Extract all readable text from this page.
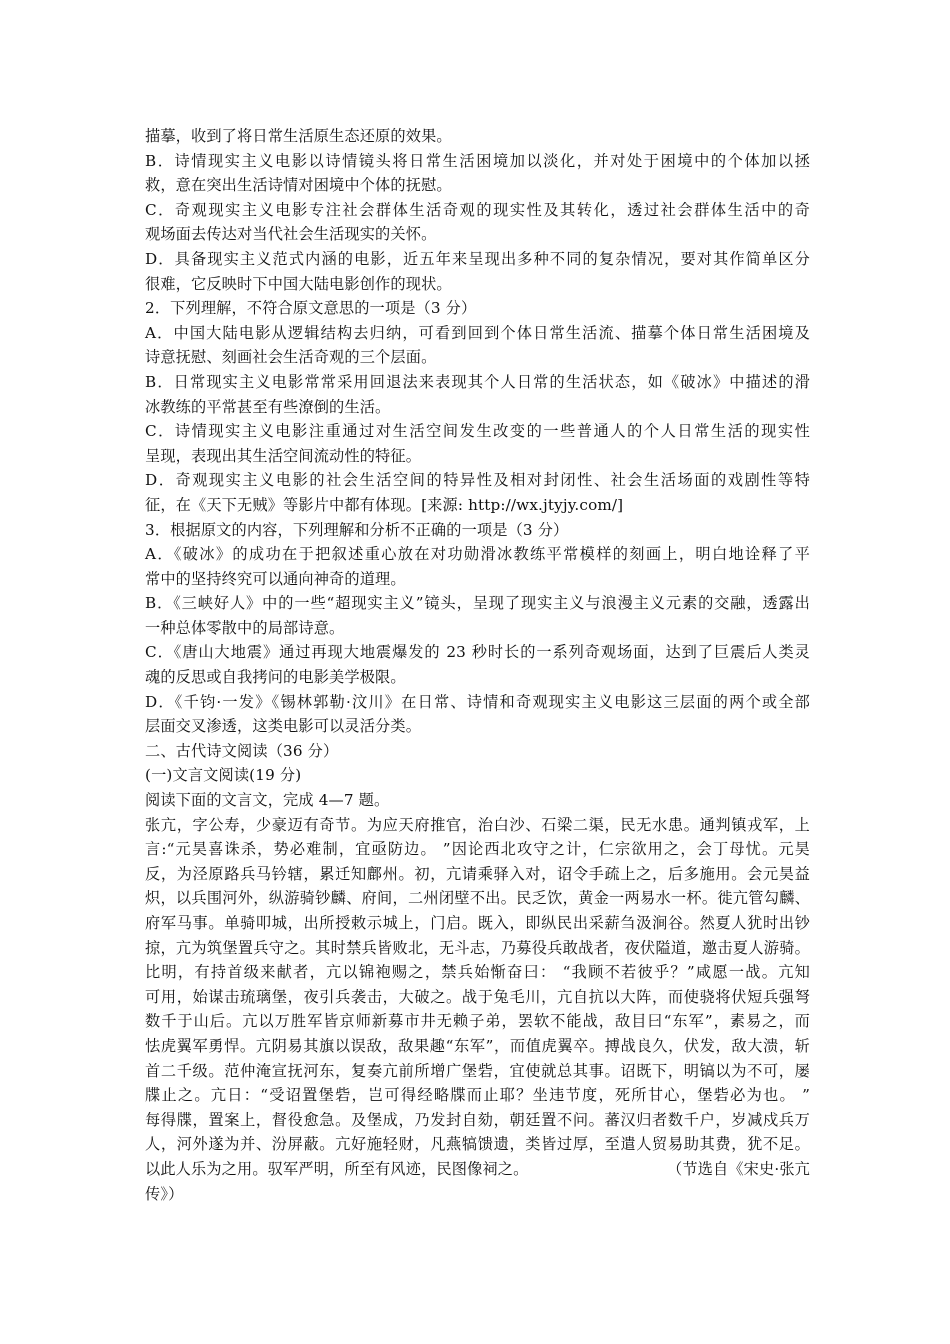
描摹，收到了将日常生活原生态还原的效果。
B．诗情现实主义电影以诗情镜头将日常生活困境加以淡化，并对处于困境中的个体加以拯
救，意在突出生活诗情对困境中个体的抚慰。
C．奇观现实主义电影专注社会群体生活奇观的现实性及其转化，透过社会群体生活中的奇
观场面去传达对当代社会生活现实的关怀。
D．具备现实主义范式内涵的电影，近五年来呈现出多种不同的复杂情况，要对其作简单区分
很难，它反映时下中国大陆电影创作的现状。
2．下列理解，不符合原文意思的一项是（3 分）
A．中国大陆电影从逻辑结构去归纳，可看到回到个体日常生活流、描摹个体日常生活困境及
诗意抚慰、刻画社会生活奇观的三个层面。
B．日常现实主义电影常常采用回退法来表现其个人日常的生活状态，如《破冰》中描述的滑
冰教练的平常甚至有些潦倒的生活。
C．诗情现实主义电影注重通过对生活空间发生改变的一些普通人的个人日常生活的现实性
呈现，表现出其生活空间流动性的特征。
D．奇观现实主义电影的社会生活空间的特异性及相对封闭性、社会生活场面的戏剧性等特
征，在《天下无贼》等影片中都有体现。[来源: http://wx.jtyjy.com/]
3．根据原文的内容，下列理解和分析不正确的一项是（3 分）
A．《破冰》的成功在于把叙述重心放在对功勋滑冰教练平常模样的刻画上，明白地诠释了平
常中的坚持终究可以通向神奇的道理。
B．《三峡好人》中的一些“超现实主义”镜头，呈现了现实主义与浪漫主义元素的交融，透露出
一种总体零散中的局部诗意。
C．《唐山大地震》通过再现大地震爆发的 23 秒时长的一系列奇观场面，达到了巨震后人类灵
魂的反思或自我拷问的电影美学极限。
D．《千钧·一发》《锡林郭勒·汶川》在日常、诗情和奇观现实主义电影这三层面的两个或全部
层面交叉渗透，这类电影可以灵活分类。
二、古代诗文阅读（36 分）
(一)文言文阅读(19 分)
阅读下面的文言文，完成 4—7 题。
张亢，字公寿，少豪迈有奇节。为应天府推官，治白沙、石梁二渠，民无水患。通判镇戎军，上
言:“元昊喜诛杀，势必难制，宜亟防边。 ”因论西北攻守之计，仁宗欲用之，会丁母忧。元昊
反，为泾原路兵马钤辖，累迁知鄜州。初，亢请乘驿入对，诏令手疏上之，后多施用。会元昊益
炽，以兵围河外，纵游骑钞麟、府间，二州闭壁不出。民乏饮，黄金一两易水一杯。徙亢管勾麟、
府军马事。单骑叩城，出所授敕示城上，门启。既入，即纵民出采薪刍汲涧谷。然夏人犹时出钞
掠，亢为筑堡置兵守之。其时禁兵皆败北，无斗志，乃募役兵敢战者，夜伏隘道，邀击夏人游骑。
比明，有持首级来献者，亢以锦袍赐之，禁兵始惭奋曰： “我顾不若彼乎？”咸愿一战。亢知
可用，始谋击琉璃堡，夜引兵袭击，大破之。战于兔毛川，亢自抗以大阵，而使骁将伏短兵强弩
数千于山后。亢以万胜军皆京师新募市井无赖子弟，罢软不能战，敌目曰“东军”，素易之，而
怯虎翼军勇悍。亢阴易其旗以误敌，敌果趣“东军”，而值虎翼卒。搏战良久，伏发，敌大溃，斩
首二千级。范仲淹宣抚河东，复奏亢前所增广堡砦，宜使就总其事。诏既下，明镐以为不可，屡
牒止之。亢日：“受诏置堡砦，岂可得经略牒而止耶？坐违节度，死所甘心，堡砦必为也。 ”
每得牒，置案上，督役愈急。及堡成，乃发封自劾，朝廷置不问。蕃汉归者数千户，岁减戍兵万
人，河外遂为并、汾屏蔽。亢好施轻财，凡燕犒馈遗，类皆过厚，至遣人贸易助其费，犹不足。
以此人乐为之用。驭军严明，所至有风迹，民图像祠之。	（节选自《宋史·张亢
传》）
